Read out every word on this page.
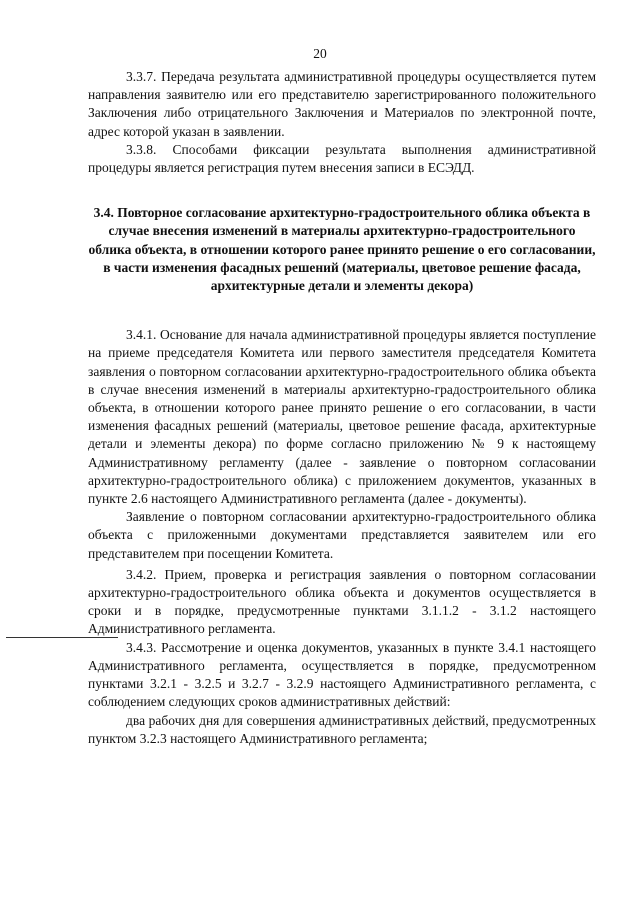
20

3.3.7. Передача результата административной процедуры осуществляется путем направления заявителю или его представителю зарегистрированного положительного Заключения либо отрицательного Заключения и Материалов по электронной почте, адрес которой указан в заявлении.

3.3.8. Способами фиксации результата выполнения административной процедуры является регистрация путем внесения записи в ЕСЭДД.

3.4. Повторное согласование архитектурно-градостроительного облика объекта в случае внесения изменений в материалы архитектурно-градостроительного облика объекта, в отношении которого ранее принято решение о его согласовании, в части изменения фасадных решений (материалы, цветовое решение фасада, архитектурные детали и элементы декора)

3.4.1. Основание для начала административной процедуры является поступление на приеме председателя Комитета или первого заместителя председателя Комитета заявления о повторном согласовании архитектурно-градостроительного облика объекта в случае внесения изменений в материалы архитектурно-градостроительного облика объекта, в отношении которого ранее принято решение о его согласовании, в части изменения фасадных решений (материалы, цветовое решение фасада, архитектурные детали и элементы декора) по форме согласно приложению № 9 к настоящему Административному регламенту (далее - заявление о повторном согласовании архитектурно-градостроительного облика) с приложением документов, указанных в пункте 2.6 настоящего Административного регламента (далее - документы).

Заявление о повторном согласовании архитектурно-градостроительного облика объекта с приложенными документами представляется заявителем или его представителем при посещении Комитета.

3.4.2. Прием, проверка и регистрация заявления о повторном согласовании архитектурно-градостроительного облика объекта и документов осуществляется в сроки и в порядке, предусмотренные пунктами 3.1.1.2 - 3.1.2 настоящего Административного регламента.

3.4.3. Рассмотрение и оценка документов, указанных в пункте 3.4.1 настоящего Административного регламента, осуществляется в порядке, предусмотренном пунктами 3.2.1 - 3.2.5 и 3.2.7 - 3.2.9 настоящего Административного регламента, с соблюдением следующих сроков административных действий:

два рабочих дня для совершения административных действий, предусмотренных пунктом 3.2.3 настоящего Административного регламента;
